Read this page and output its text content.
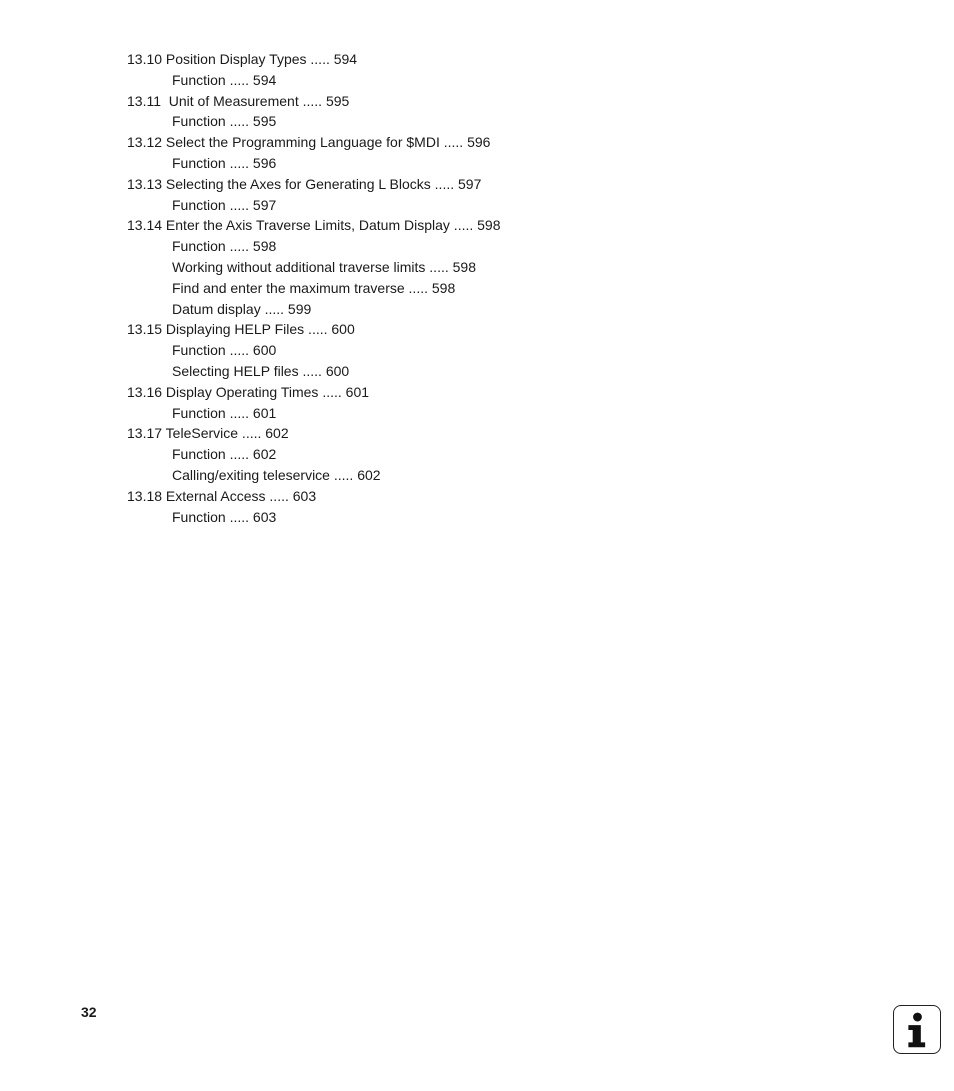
13.10 Position Display Types ..... 594
Function ..... 594
13.11  Unit of Measurement ..... 595
Function ..... 595
13.12 Select the Programming Language for $MDI ..... 596
Function ..... 596
13.13 Selecting the Axes for Generating L Blocks ..... 597
Function ..... 597
13.14 Enter the Axis Traverse Limits, Datum Display ..... 598
Function ..... 598
Working without additional traverse limits ..... 598
Find and enter the maximum traverse ..... 598
Datum display ..... 599
13.15 Displaying HELP Files ..... 600
Function ..... 600
Selecting HELP files ..... 600
13.16 Display Operating Times ..... 601
Function ..... 601
13.17 TeleService ..... 602
Function ..... 602
Calling/exiting teleservice ..... 602
13.18 External Access ..... 603
Function ..... 603
32
